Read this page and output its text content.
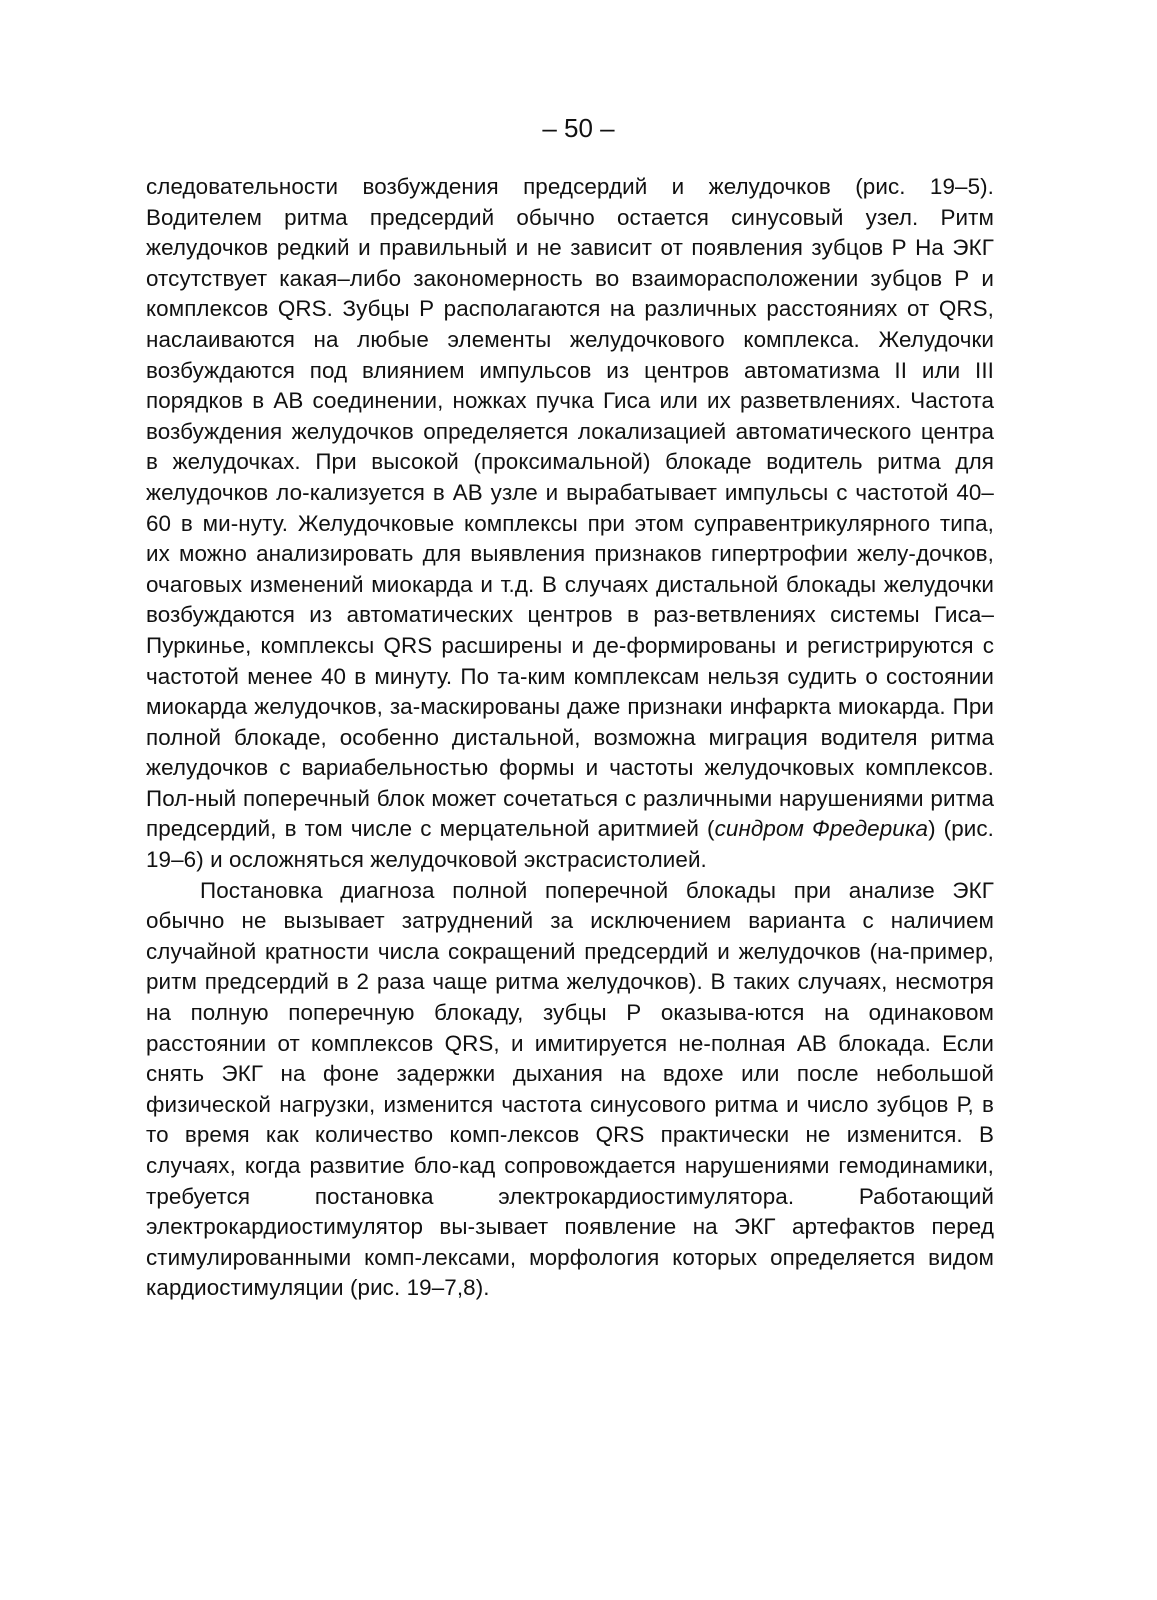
– 50 –

следовательности возбуждения предсердий и желудочков (рис. 19–5). Водителем ритма предсердий обычно остается синусовый узел. Ритм желудочков редкий и правильный и не зависит от появления зубцов Р На ЭКГ отсутствует какая–либо закономерность во взаиморасположении зубцов Р и комплексов QRS. Зубцы Р располагаются на различных расстояниях от QRS, наслаиваются на любые элементы желудочкового комплекса. Желудочки возбуждаются под влиянием импульсов из центров автоматизма II или III порядков в АВ соединении, ножках пучка Гиса или их разветвлениях. Частота возбуждения желудочков определяется локализацией автоматического центра в желудочках. При высокой (проксимальной) блокаде водитель ритма для желудочков ло-кализуется в АВ узле и вырабатывает импульсы с частотой 40–60 в ми-нуту. Желудочковые комплексы при этом суправентрикулярного типа, их можно анализировать для выявления признаков гипертрофии желу-дочков, очаговых изменений миокарда и т.д. В случаях дистальной блокады желудочки возбуждаются из автоматических центров в раз-ветвлениях системы Гиса–Пуркинье, комплексы QRS расширены и де-формированы и регистрируются с частотой менее 40 в минуту. По та-ким комплексам нельзя судить о состоянии миокарда желудочков, за-маскированы даже признаки инфаркта миокарда. При полной блокаде, особенно дистальной, возможна миграция водителя ритма желудочков с вариабельностью формы и частоты желудочковых комплексов. Пол-ный поперечный блок может сочетаться с различными нарушениями ритма предсердий, в том числе с мерцательной аритмией (синдром Фредерика) (рис. 19–6) и осложняться желудочковой экстрасистолией.

Постановка диагноза полной поперечной блокады при анализе ЭКГ обычно не вызывает затруднений за исключением варианта с наличием случайной кратности числа сокращений предсердий и желудочков (на-пример, ритм предсердий в 2 раза чаще ритма желудочков). В таких случаях, несмотря на полную поперечную блокаду, зубцы Р оказыва-ются на одинаковом расстоянии от комплексов QRS, и имитируется не-полная АВ блокада. Если снять ЭКГ на фоне задержки дыхания на вдохе или после небольшой физической нагрузки, изменится частота синусового ритма и число зубцов Р, в то время как количество комп-лексов QRS практически не изменится. В случаях, когда развитие бло-кад сопровождается нарушениями гемодинамики, требуется постановка электрокардиостимулятора. Работающий электрокардиостимулятор вы-зывает появление на ЭКГ артефактов перед стимулированными комп-лексами, морфология которых определяется видом кардиостимуляции (рис. 19–7,8).
